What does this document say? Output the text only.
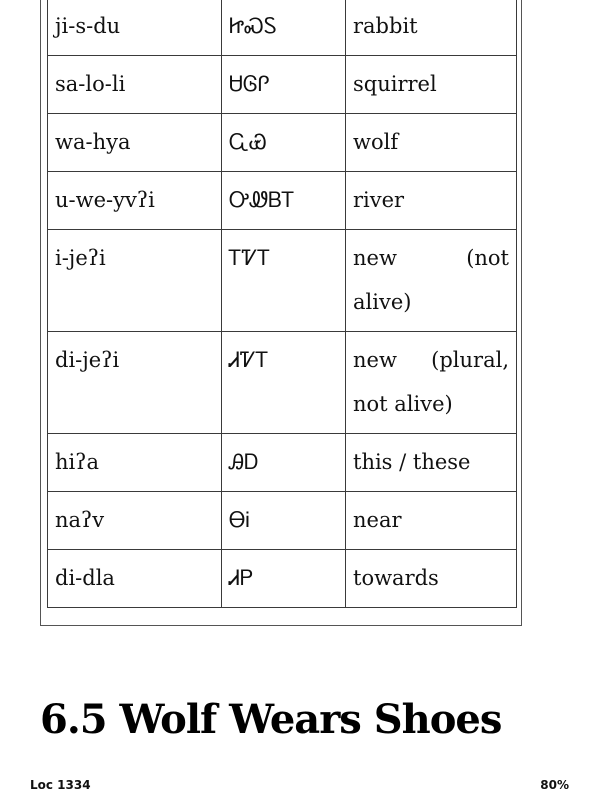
ji-s-du	ᏥᏍᏚ	rabbit
sa-lo-li	ᏌᎶᎵ	squirrel
wa-hya	ᏩᏯ	wolf
u-we-yvʔi	ᎤᏪᏴᎢ	river
i-jeʔi	ᎢᏤᎢ	new (not alive)
di-jeʔi	ᏗᏤᎢ	new (plural, not alive)
hiʔa	ᎯᎠ	this / these
naʔv	ᎾᎥ	near
di-dla	ᏗᏢ	towards
6.5 Wolf Wears Shoes
Loc 1334	80%
